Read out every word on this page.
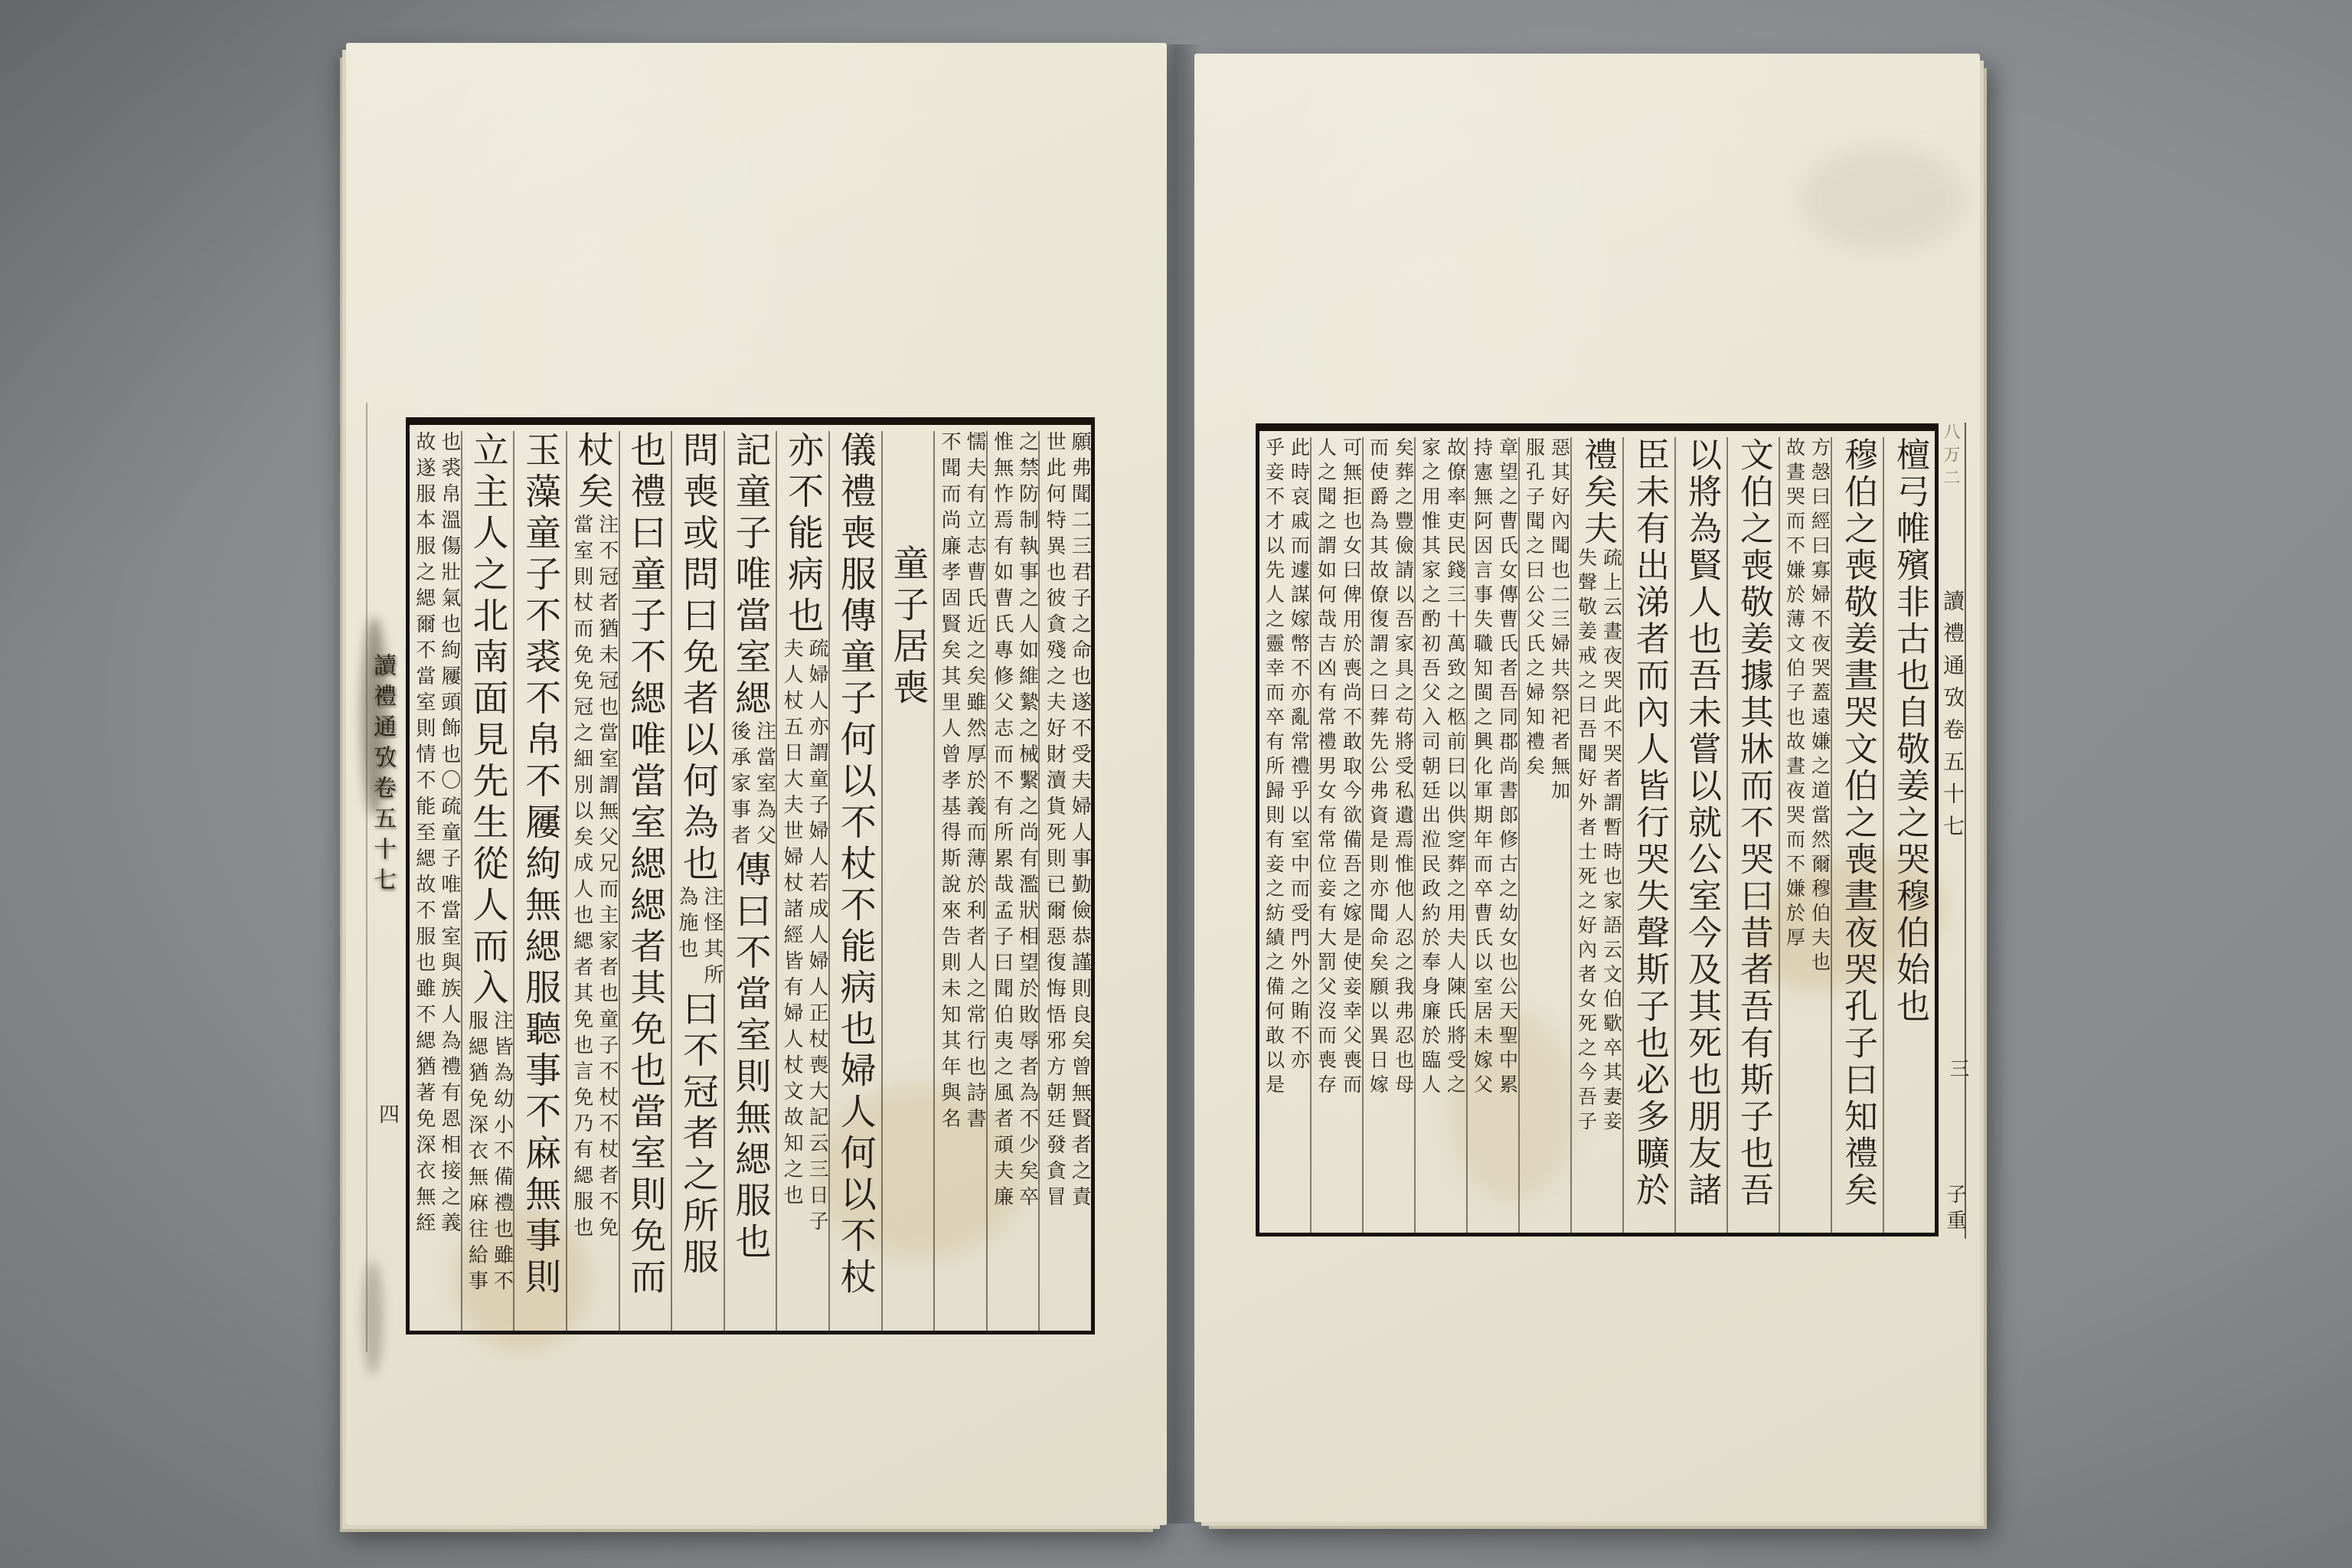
讀禮通攷卷五十七
四	願弗聞二三君子之命也遂不受夫婦人事勤儉恭謹則良矣曾無賢者之責
世此何特異也彼貪殘之夫好財瀆貨死則已爾惡復悔悟邪方朝廷發貪冒
之禁防制執事之人如維縶之械繫之尚有濫狀相望於敗辱者為不少矣卒
惟無怍焉有如曹氏專修父志而不有所累哉孟子曰聞伯夷之風者頑夫廉
懦夫有立志曹氏近之矣雖然厚於義而薄於利者人之常行也詩書
不聞而尚廉孝固賢矣其里人曾孝基得斯說來告則未知其年與名
童子居喪
儀禮喪服傳童子何以不杖不能病也婦人何以不杖
亦不能病也
疏婦人亦謂童子婦人若成人婦人正杖喪大記云三日子
夫人杖五日大夫世婦杖諸經皆有婦人杖文故知之也
記童子唯當室緦
注當室為父
後承家事者
傳曰不當室則無緦服也
問喪或問曰免者以何為也
注怪其所
為施也
曰不冠者之所服
也禮曰童子不緦唯當室緦緦者其免也當室則免而
杖矣
注不冠者猶未冠也當室謂無父兄而主家者也童子不杖不杖者不免
當室則杖而免免冠之細別以矣成人也緦者其免也言免乃有緦服也
玉藻童子不裘不帛不屨絇無緦服聽事不麻無事則
立主人之北南面見先生從人而入
注皆為幼小不備禮也雖不
服緦猶免深衣無麻往給事
也裘帛溫傷壯氣也絇屨頭飾也〇疏童子唯當室與族人為禮有恩相接之義
故遂服本服之緦爾不當室則情不能至緦故不服也雖不緦猶著免深衣無絰	八万二
讀禮通攷卷五十七
三
子重
檀弓帷殯非古也自敬姜之哭穆伯始也
穆伯之喪敬姜晝哭文伯之喪晝夜哭孔子曰知禮矣
方愨曰經曰寡婦不夜哭蓋遠嫌之道當然爾穆伯夫也
故晝哭而不嫌於薄文伯子也故晝夜哭而不嫌於厚
文伯之喪敬姜據其牀而不哭曰昔者吾有斯子也吾
以將為賢人也吾未嘗以就公室今及其死也朋友諸
臣未有出涕者而內人皆行哭失聲斯子也必多曠於
禮矣夫
疏上云晝夜哭此不哭者謂暫時也家語云文伯歜卒其妻妾
失聲敬姜戒之曰吾聞好外者士死之好內者女死之今吾子
惡其好內聞也二三婦共祭祀者無加
服孔子聞之曰公父氏之婦知禮矣
章望之曹氏女傳曹氏者吾同郡尚書郎修古之幼女也公天聖中累
持憲無阿因言事失職知閩之興化軍期年而卒曹氏以室居未嫁父
故僚率吏民錢三十萬致之柩前曰以供窆葬之用夫人陳氏將受之
家之用惟其家之酌初吾父入司朝廷出涖民政約於奉身廉於臨人
矣葬之豐儉請以吾家具之苟將受私遺焉惟他人忍之我弗忍也母
而使爵為其故僚復謂之曰葬先公弗資是則亦聞命矣願以異日嫁
可無拒也女曰俾用於喪尚不敢取今欲備吾之嫁是使妾幸父喪而
人之聞之謂如何哉吉凶有常禮男女有常位妾有大罰父沒而喪存
此時哀戚而遽謀嫁幣不亦亂常禮乎以室中而受門外之賄不亦
乎妾不才以先人之靈幸而卒有所歸則有妾之紡績之備何敢以是
